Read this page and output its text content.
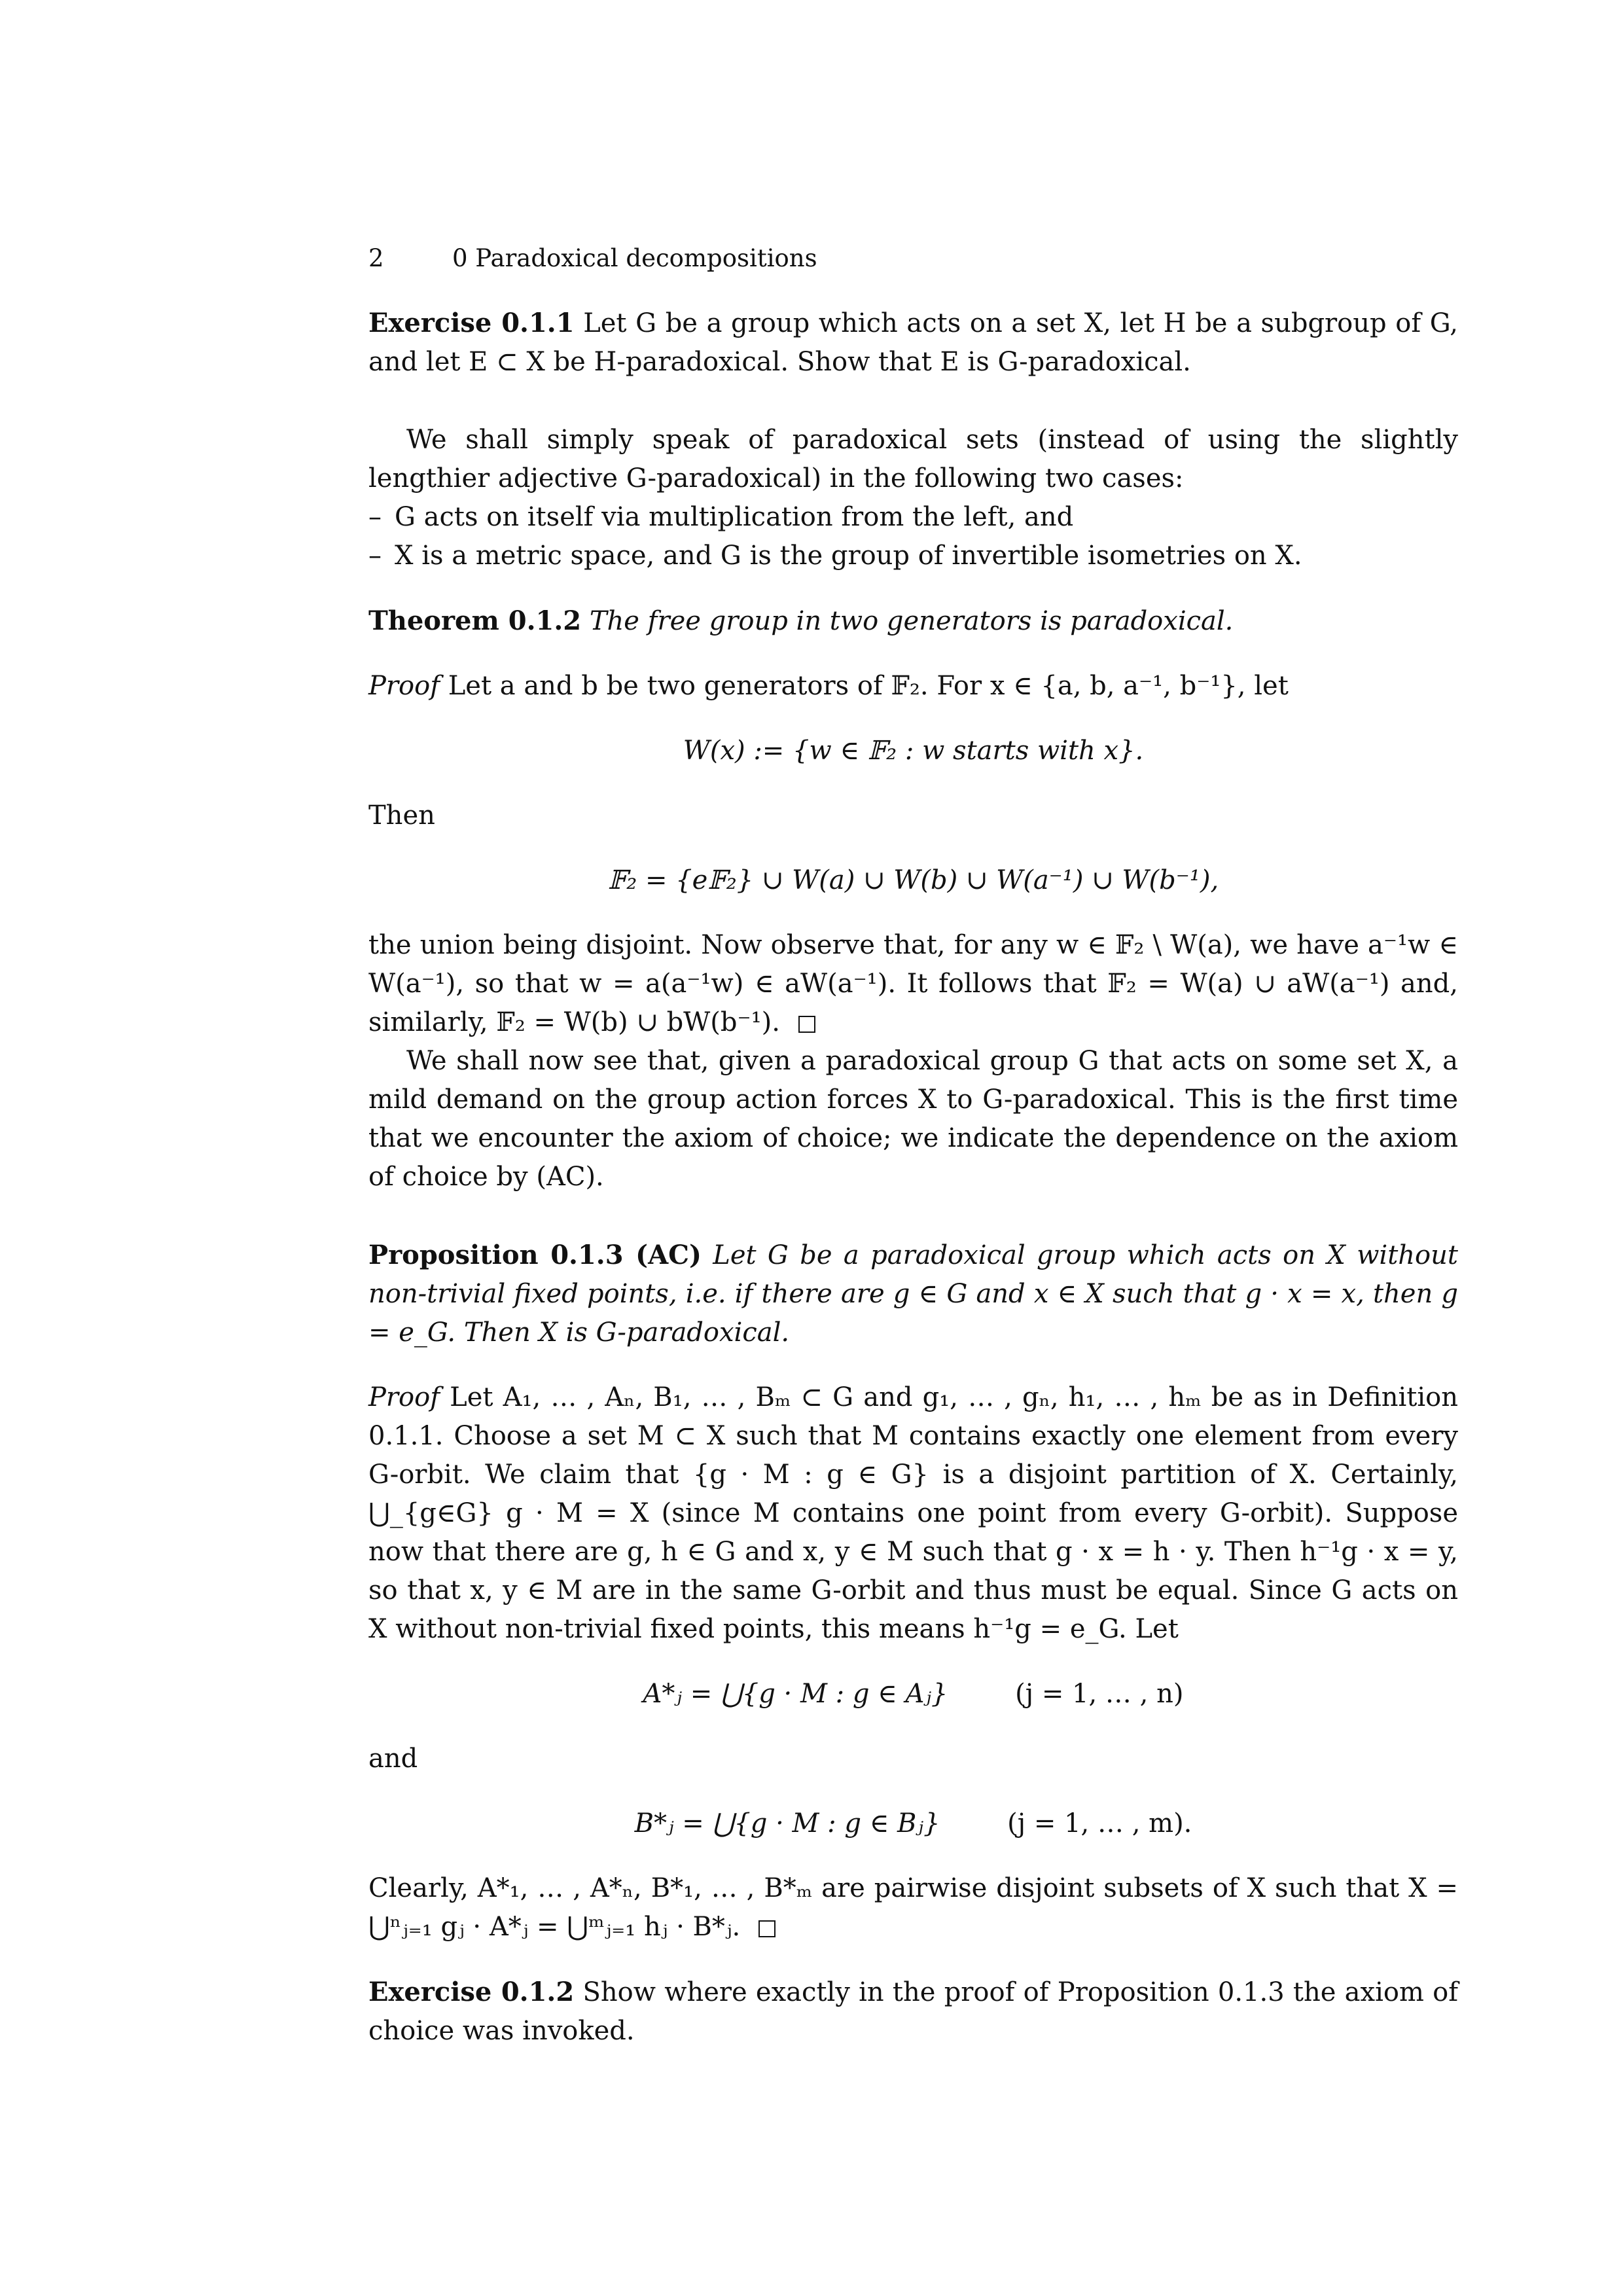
2	0 Paradoxical decompositions

Exercise 0.1.1 Let G be a group which acts on a set X, let H be a subgroup of G, and let E ⊂ X be H-paradoxical. Show that E is G-paradoxical.

We shall simply speak of paradoxical sets (instead of using the slightly lengthier adjective G-paradoxical) in the following two cases:

– G acts on itself via multiplication from the left, and
– X is a metric space, and G is the group of invertible isometries on X.

Theorem 0.1.2 The free group in two generators is paradoxical.

Proof Let a and b be two generators of 𝔽₂. For x ∈ {a, b, a⁻¹, b⁻¹}, let

W(x) := {w ∈ 𝔽₂ : w starts with x}.

Then

𝔽₂ = {e𝔽₂} ∪ W(a) ∪ W(b) ∪ W(a⁻¹) ∪ W(b⁻¹),

the union being disjoint. Now observe that, for any w ∈ 𝔽₂ \ W(a), we have a⁻¹w ∈ W(a⁻¹), so that w = a(a⁻¹w) ∈ aW(a⁻¹). It follows that 𝔽₂ = W(a) ∪ aW(a⁻¹) and, similarly, 𝔽₂ = W(b) ∪ bW(b⁻¹).

We shall now see that, given a paradoxical group G that acts on some set X, a mild demand on the group action forces X to G-paradoxical. This is the first time that we encounter the axiom of choice; we indicate the dependence on the axiom of choice by (AC).

Proposition 0.1.3 (AC) Let G be a paradoxical group which acts on X without non-trivial fixed points, i.e. if there are g ∈ G and x ∈ X such that g · x = x, then g = e_G. Then X is G-paradoxical.

Proof Let A₁, … , Aₙ, B₁, … , Bₘ ⊂ G and g₁, … , gₙ, h₁, … , hₘ be as in Definition 0.1.1. Choose a set M ⊂ X such that M contains exactly one element from every G-orbit. We claim that {g · M : g ∈ G} is a disjoint partition of X. Certainly, ⋃_{g∈G} g · M = X (since M contains one point from every G-orbit). Suppose now that there are g, h ∈ G and x, y ∈ M such that g · x = h · y. Then h⁻¹g · x = y, so that x, y ∈ M are in the same G-orbit and thus must be equal. Since G acts on X without non-trivial fixed points, this means h⁻¹g = e_G. Let

A*ⱼ = ⋃{g · M : g ∈ Aⱼ}	(j = 1, … , n)

and

B*ⱼ = ⋃{g · M : g ∈ Bⱼ}	(j = 1, … , m).

Clearly, A*₁, … , A*ₙ, B*₁, … , B*ₘ are pairwise disjoint subsets of X such that X = ⋃ⁿⱼ₌₁ gⱼ · A*ⱼ = ⋃ᵐⱼ₌₁ hⱼ · B*ⱼ.

Exercise 0.1.2 Show where exactly in the proof of Proposition 0.1.3 the axiom of choice was invoked.
